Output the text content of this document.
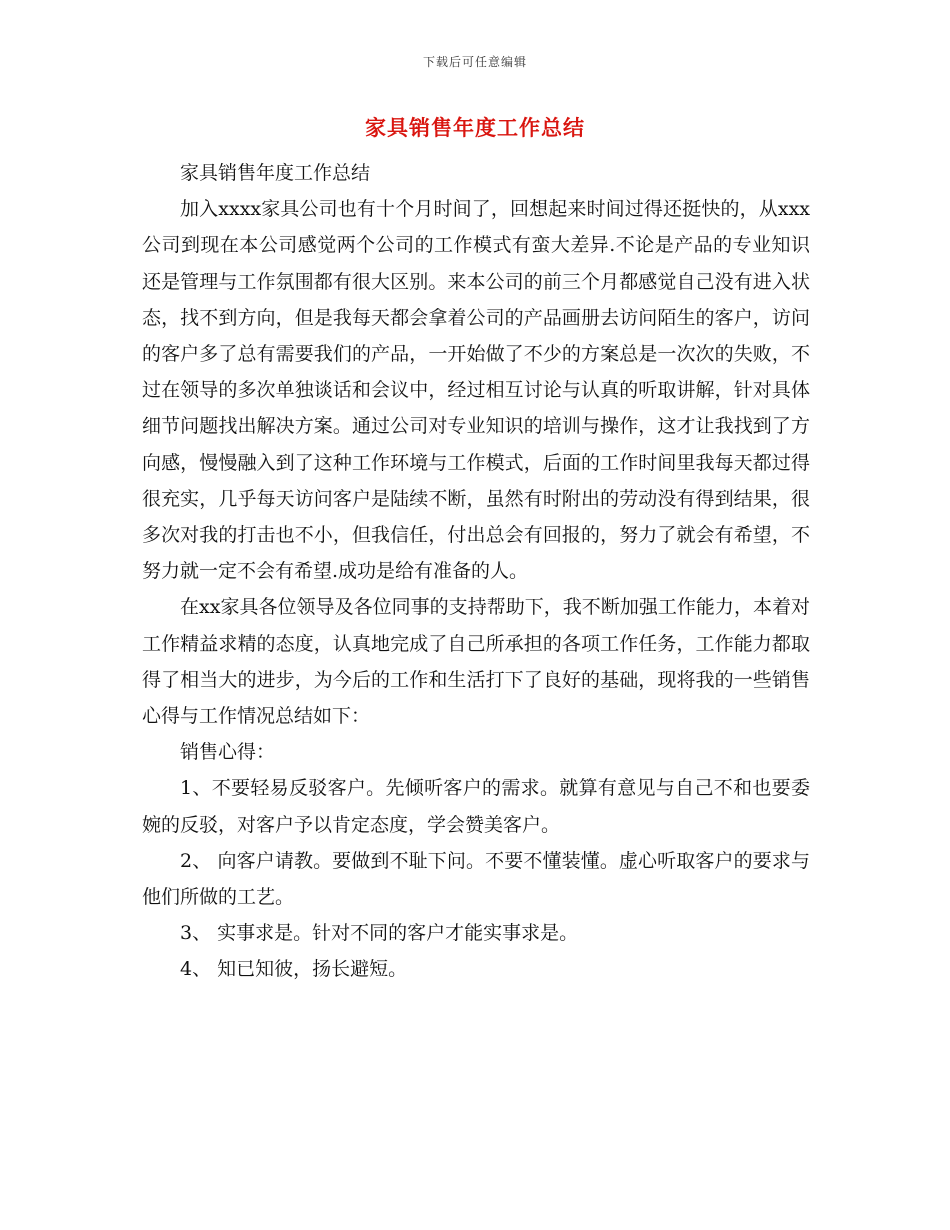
下载后可任意编辑
家具销售年度工作总结

家具销售年度工作总结

加入xxxx家具公司也有十个月时间了，回想起来时间过得还挺快的，从xxx公司到现在本公司感觉两个公司的工作模式有蛮大差异.不论是产品的专业知识还是管理与工作氛围都有很大区别。来本公司的前三个月都感觉自己没有进入状态，找不到方向，但是我每天都会拿着公司的产品画册去访问陌生的客户，访问的客户多了总有需要我们的产品，一开始做了不少的方案总是一次次的失败，不过在领导的多次单独谈话和会议中，经过相互讨论与认真的听取讲解，针对具体细节问题找出解决方案。通过公司对专业知识的培训与操作，这才让我找到了方向感，慢慢融入到了这种工作环境与工作模式，后面的工作时间里我每天都过得很充实，几乎每天访问客户是陆续不断，虽然有时附出的劳动没有得到结果，很多次对我的打击也不小，但我信任，付出总会有回报的，努力了就会有希望，不努力就一定不会有希望.成功是给有准备的人。

在xx家具各位领导及各位同事的支持帮助下，我不断加强工作能力，本着对工作精益求精的态度，认真地完成了自己所承担的各项工作任务，工作能力都取得了相当大的进步，为今后的工作和生活打下了良好的基础，现将我的一些销售心得与工作情况总结如下：

销售心得：

1、不要轻易反驳客户。先倾听客户的需求。就算有意见与自己不和也要委婉的反驳，对客户予以肯定态度，学会赞美客户。

2、 向客户请教。要做到不耻下问。不要不懂装懂。虚心听取客户的要求与他们所做的工艺。

3、 实事求是。针对不同的客户才能实事求是。

4、 知已知彼，扬长避短。
